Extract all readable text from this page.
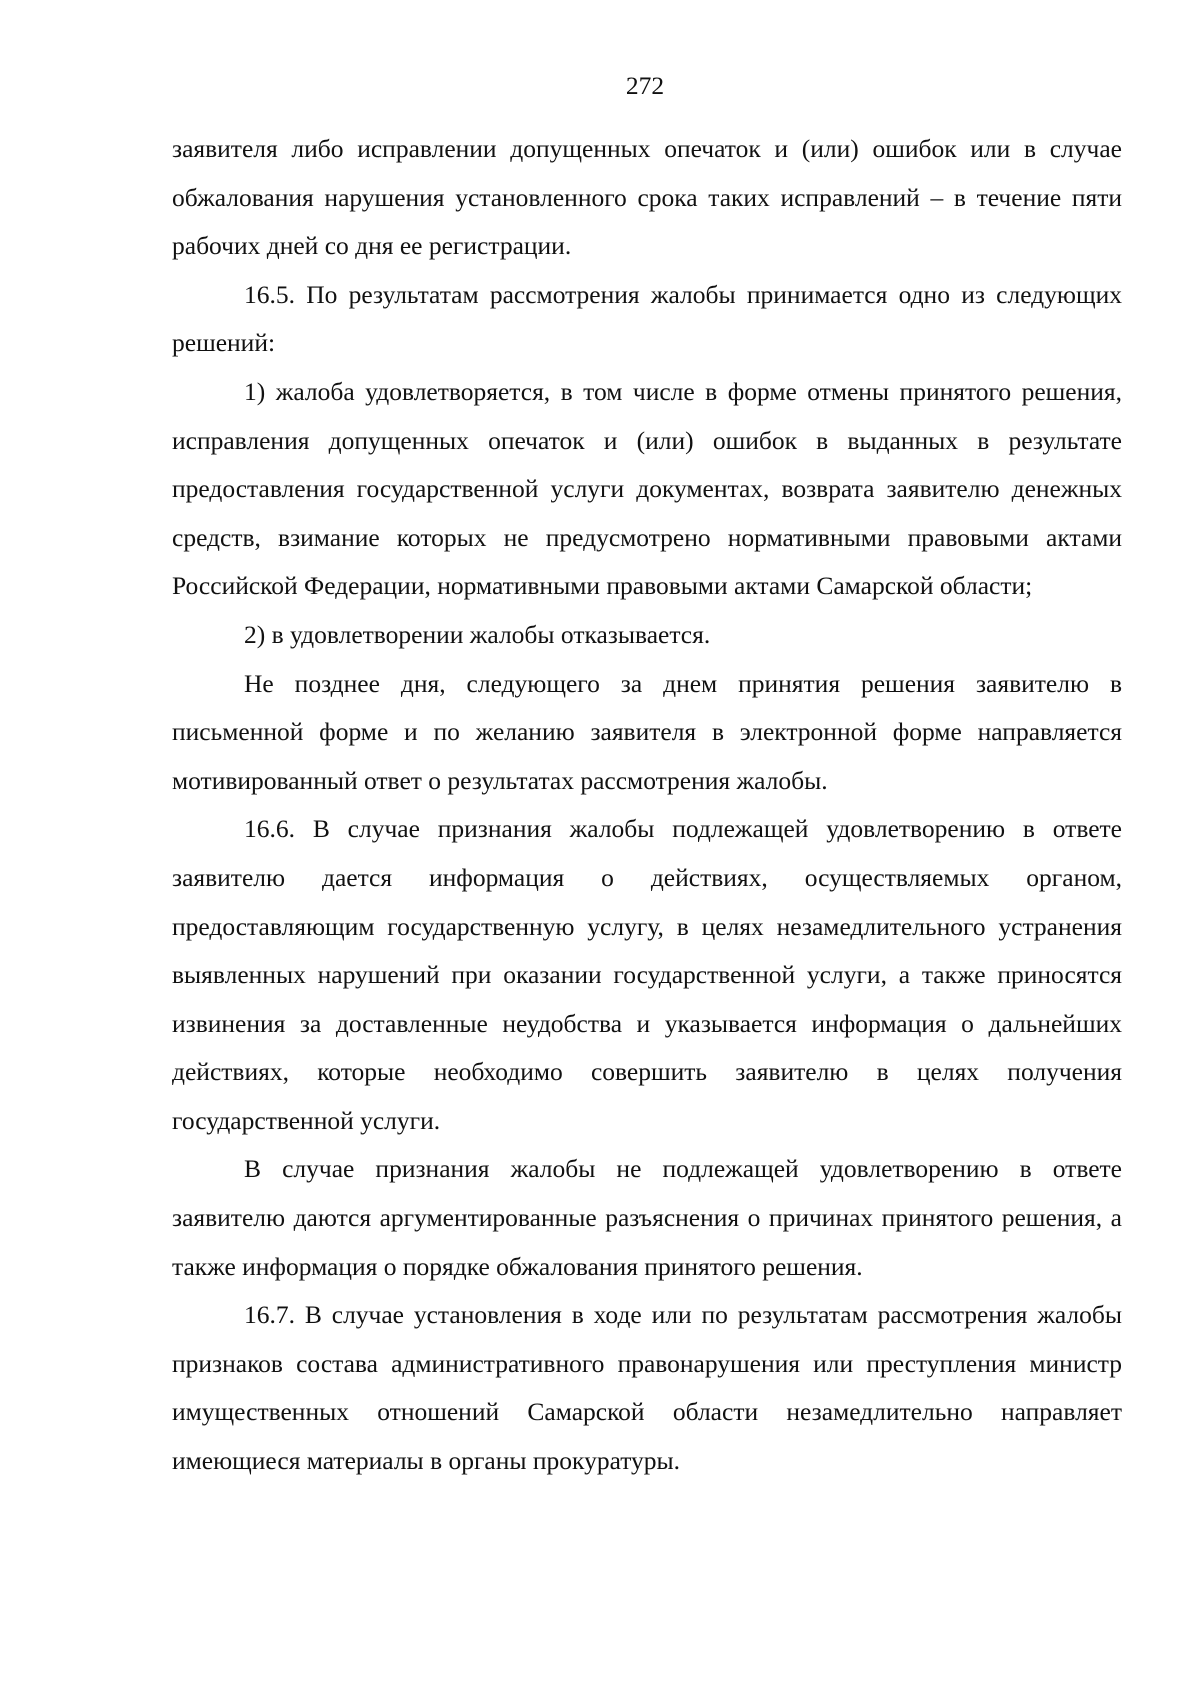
272

заявителя либо исправлении допущенных опечаток и (или) ошибок или в случае обжалования нарушения установленного срока таких исправлений – в течение пяти рабочих дней со дня ее регистрации.

16.5. По результатам рассмотрения жалобы принимается одно из следующих решений:

1) жалоба удовлетворяется, в том числе в форме отмены принятого решения, исправления допущенных опечаток и (или) ошибок в выданных в результате предоставления государственной услуги документах, возврата заявителю денежных средств, взимание которых не предусмотрено нормативными правовыми актами Российской Федерации, нормативными правовыми актами Самарской области;

2) в удовлетворении жалобы отказывается.

Не позднее дня, следующего за днем принятия решения заявителю в письменной форме и по желанию заявителя в электронной форме направляется мотивированный ответ о результатах рассмотрения жалобы.

16.6. В случае признания жалобы подлежащей удовлетворению в ответе заявителю дается информация о действиях, осуществляемых органом, предоставляющим государственную услугу, в целях незамедлительного устранения выявленных нарушений при оказании государственной услуги, а также приносятся извинения за доставленные неудобства и указывается информация о дальнейших действиях, которые необходимо совершить заявителю в целях получения государственной услуги.

В случае признания жалобы не подлежащей удовлетворению в ответе заявителю даются аргументированные разъяснения о причинах принятого решения, а также информация о порядке обжалования принятого решения.

16.7. В случае установления в ходе или по результатам рассмотрения жалобы признаков состава административного правонарушения или преступления министр имущественных отношений Самарской области незамедлительно направляет имеющиеся материалы в органы прокуратуры.
